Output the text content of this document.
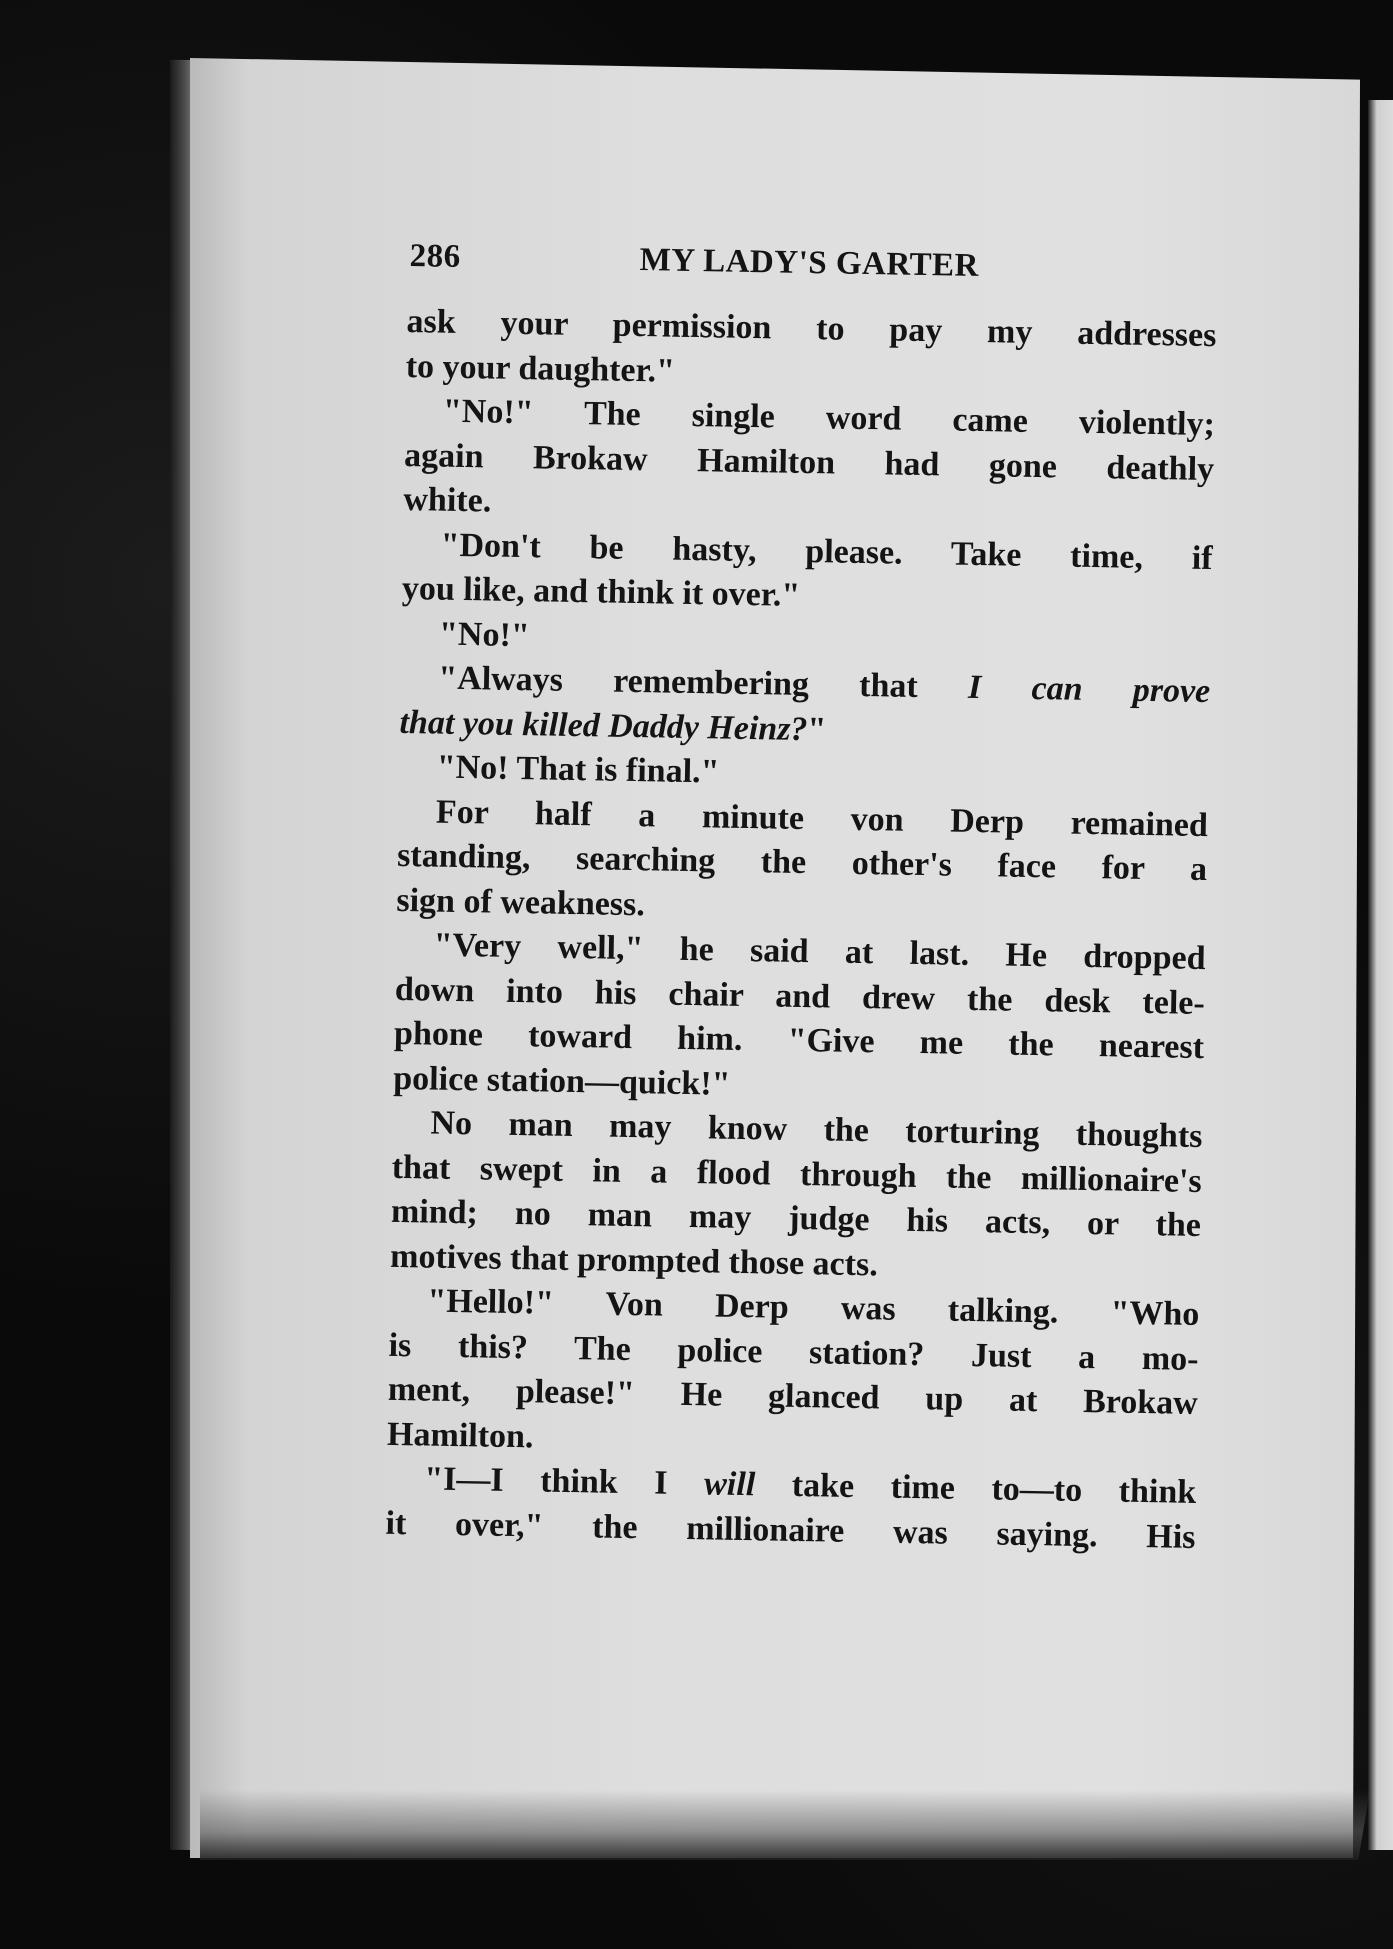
286	MY LADY'S GARTER
ask your permission to pay my addresses
to your daughter."
"No!" The single word came violently;
again Brokaw Hamilton had gone deathly
white.
"Don't be hasty, please. Take time, if
you like, and think it over."
"No!"
"Always remembering that I can prove
that you killed Daddy Heinz?"
"No! That is final."
For half a minute von Derp remained
standing, searching the other's face for a
sign of weakness.
"Very well," he said at last. He dropped
down into his chair and drew the desk tele-
phone toward him. "Give me the nearest
police station—quick!"
No man may know the torturing thoughts
that swept in a flood through the millionaire's
mind; no man may judge his acts, or the
motives that prompted those acts.
"Hello!" Von Derp was talking. "Who
is this? The police station? Just a mo-
ment, please!" He glanced up at Brokaw
Hamilton.
"I—I think I will take time to—to think
it over," the millionaire was saying. His
